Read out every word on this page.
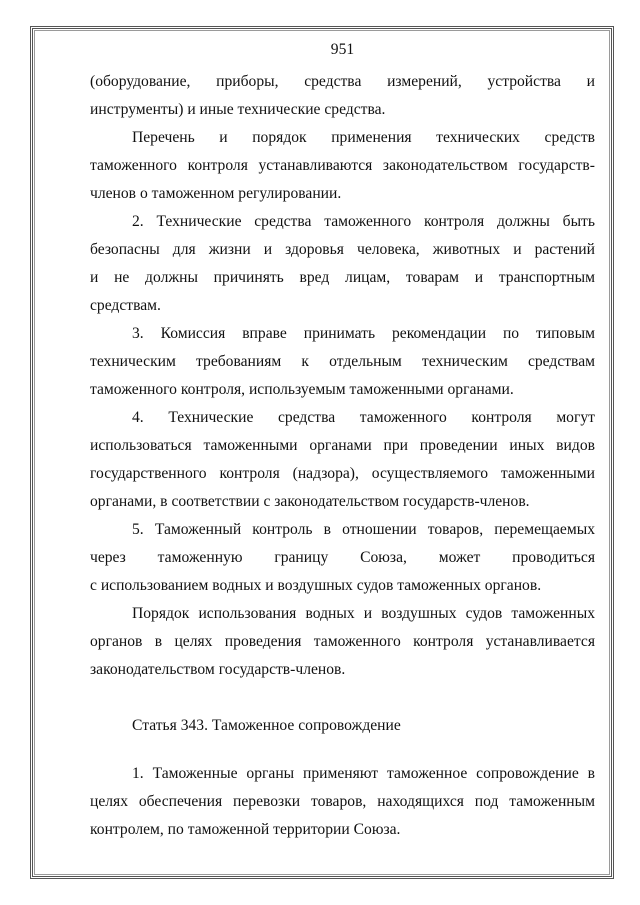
951
(оборудование, приборы, средства измерений, устройства и
инструменты) и иные технические средства.
Перечень и порядок применения технических средств
таможенного контроля устанавливаются законодательством государств-
членов о таможенном регулировании.
2. Технические средства таможенного контроля должны быть
безопасны для жизни и здоровья человека, животных и растений
и не должны причинять вред лицам, товарам и транспортным
средствам.
3. Комиссия вправе принимать рекомендации по типовым
техническим требованиям к отдельным техническим средствам
таможенного контроля, используемым таможенными органами.
4. Технические средства таможенного контроля могут
использоваться таможенными органами при проведении иных видов
государственного контроля (надзора), осуществляемого таможенными
органами, в соответствии с законодательством государств-членов.
5. Таможенный контроль в отношении товаров, перемещаемых
через таможенную границу Союза, может проводиться
с использованием водных и воздушных судов таможенных органов.
Порядок использования водных и воздушных судов таможенных
органов в целях проведения таможенного контроля устанавливается
законодательством государств-членов.
Статья 343. Таможенное сопровождение
1. Таможенные органы применяют таможенное сопровождение в
целях обеспечения перевозки товаров, находящихся под таможенным
контролем, по таможенной территории Союза.
